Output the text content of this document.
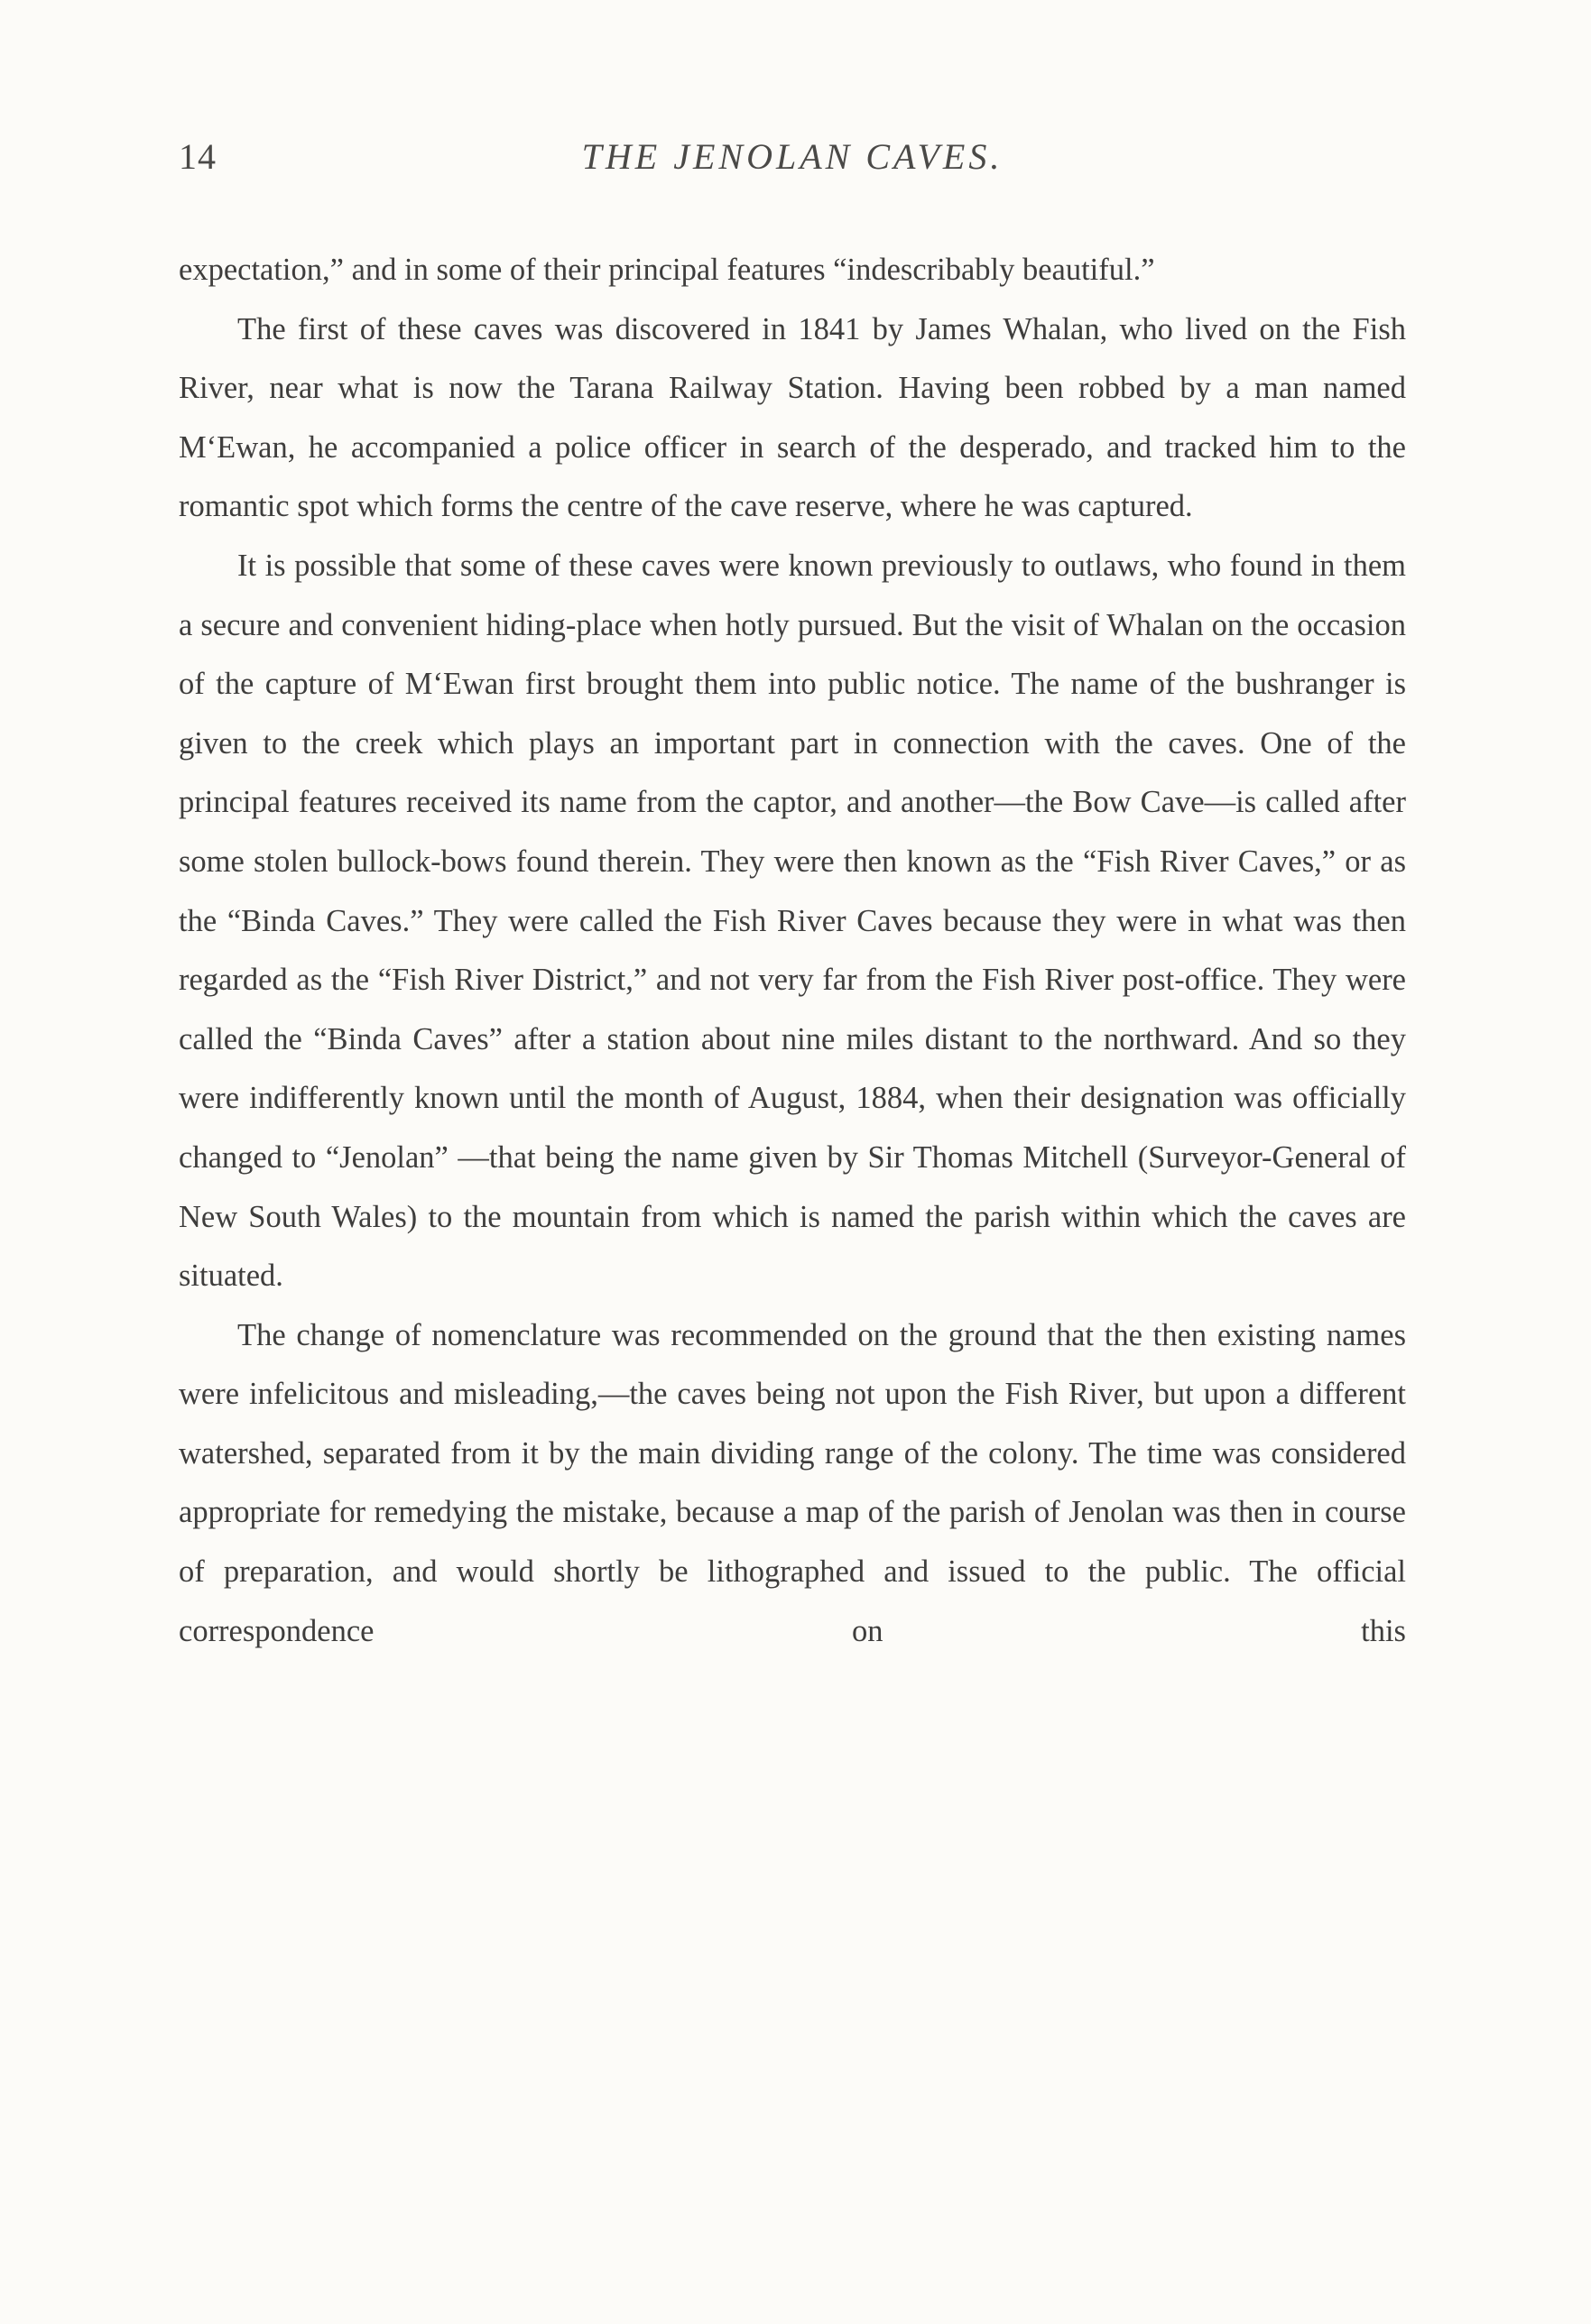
14	THE JENOLAN CAVES.

expectation,” and in some of their principal features “indescribably beautiful.”

The first of these caves was discovered in 1841 by James Whalan, who lived on the Fish River, near what is now the Tarana Railway Station. Having been robbed by a man named M‘Ewan, he accompanied a police officer in search of the desperado, and tracked him to the romantic spot which forms the centre of the cave reserve, where he was captured.

It is possible that some of these caves were known previously to outlaws, who found in them a secure and convenient hiding-place when hotly pursued. But the visit of Whalan on the occasion of the capture of M‘Ewan first brought them into public notice. The name of the bushranger is given to the creek which plays an important part in connection with the caves. One of the principal features received its name from the captor, and another—the Bow Cave—is called after some stolen bullock-bows found therein. They were then known as the “Fish River Caves,” or as the “Binda Caves.” They were called the Fish River Caves because they were in what was then regarded as the “Fish River District,” and not very far from the Fish River post-office. They were called the “Binda Caves” after a station about nine miles distant to the northward. And so they were indifferently known until the month of August, 1884, when their designation was officially changed to “Jenolan” —that being the name given by Sir Thomas Mitchell (Surveyor-General of New South Wales) to the mountain from which is named the parish within which the caves are situated.

The change of nomenclature was recommended on the ground that the then existing names were infelicitous and misleading,—the caves being not upon the Fish River, but upon a different watershed, separated from it by the main dividing range of the colony. The time was considered appropriate for remedying the mistake, because a map of the parish of Jenolan was then in course of preparation, and would shortly be lithographed and issued to the public. The official correspondence on this
